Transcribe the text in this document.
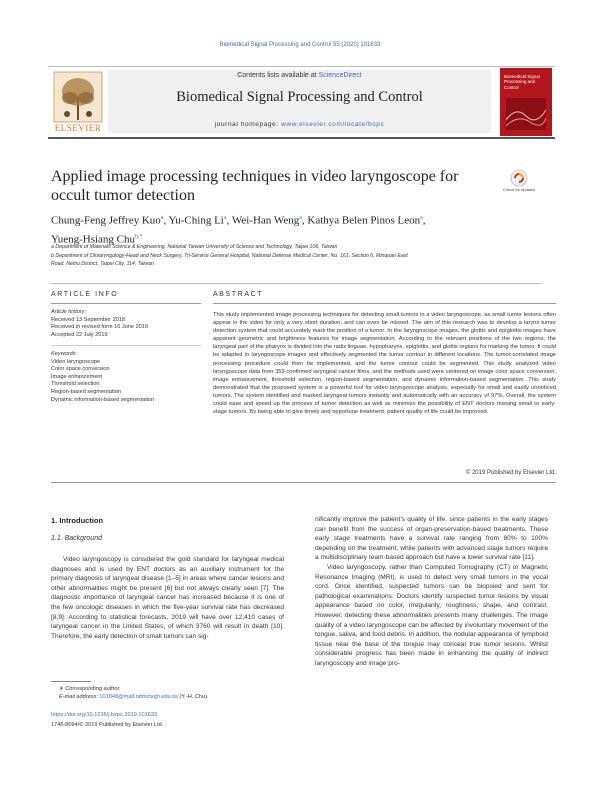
Biomedical Signal Processing and Control 55 (2020) 101633
ELSEVIER
Contents lists available at ScienceDirect
Biomedical Signal Processing and Control
journal homepage: www.elsevier.com/locate/bspc
Biomedical Signal Processing and Control
Applied image processing techniques in video laryngoscope for occult tumor detection	Check for updates
Chung-Feng Jeffrey Kuo$^a$, Yu-Ching Li$^a$, Wei-Han Weng$^a$, Kathya Belen Pinos Leon$^a$,
Yueng-Hsiang Chu$^{b,*}$
a Department of Materials Science & Engineering, National Taiwan University of Science and Technology, Taipei 106, Taiwan
b Department of Otolaryngology-Head and Neck Surgery, Tri-Service General Hospital, National Defense Medical Center, No. 161, Section 6, Minquan East
Road, Neihu District, Taipei City, 114, Taiwan
ARTICLE INFO	ABSTRACT
Article history:
Received 13 September 2018
Received in revised form 16 June 2019
Accepted 22 July 2019
Keywords:
Video laryngoscope
Color space conversion
Image enhancement
Threshold selection
Region-based segmentation
Dynamic information-based segmentation
This study implemented image processing techniques for detecting small tumors in a video laryngoscope, as small tumor lesions often appear in the video for only a very short duration, and can even be missed. The aim of this research was to develop a larynx tumor detection system that could accurately mark the position of a tumor. In the laryngoscope images, the glottis and epiglottis images have apparent geometric and brightness features for image segmentation. According to the relevant positions of the two regions, the laryngeal part of the pharynx is divided into the radix linguae, hypopharynx, epiglottis, and glottis regions for marking the tumor. It could be adapted in laryngoscope images and effectively segmented the tumor contour in different locations. The tumor-correlated image processing procedure could then be implemented, and the tumor contour could be segmented. This study analyzed video laryngoscope data from 359 confirmed laryngeal cancer films, and the methods used were centered on image color space conversion, image enhancement, threshold selection, region-based segmentation, and dynamic information-based segmentation. This study demonstrated that the proposed system is a powerful tool for video laryngoscope analysis, especially for small and easily unnoticed tumors. The system identified and marked laryngeal tumors instantly and automatically with an accuracy of 97%. Overall, the system could ease and speed up the process of tumor detection as well as minimize the possibility of ENT doctors missing small or early-stage tumors. By being able to give timely and opportune treatment, patient quality of life could be improved.
© 2019 Published by Elsevier Ltd.
1. Introduction
1.1. Background
Video laryngoscopy is considered the gold standard for laryngeal medical diagnoses and is used by ENT doctors as an auxiliary instrument for the primary diagnosis of laryngeal disease [1–5] in areas where cancer lesions and other abnormalities might be present [6] but not always clearly seen [7]. The diagnostic importance of laryngeal cancer has increased because it is one of the few oncologic diseases in which the five-year survival rate has decreased [8,9]. According to statistical forecasts, 2019 will have over 12,410 cases of laryngeal cancer in the United States, of which 3760 will result in death [10]. Therefore, the early detection of small tumors can sig-
nificantly improve the patient's quality of life, since patients in the early stages can benefit from the success of organ-preservation-based treatments. These early stage treatments have a survival rate ranging from 80% to 100% depending on the treatment, while patients with advanced stage tumors require a multidisciplinary team-based approach but have a lower survival rate [11].
Video laryngoscopy, rather than Computed Tomography (CT) or Magnetic Resonance Imaging (MRI), is used to detect very small tumors in the vocal cord. Once identified, suspected tumors can be biopsied and sent for pathological examinations. Doctors identify suspected tumor lesions by visual appearance based on color, irregularity, roughness, shape, and contrast. However, detecting these abnormalities presents many challenges. The image quality of a video laryngoscope can be affected by involuntary movement of the tongue, saliva, and food debris. In addition, the nodular appearance of lymphoid tissue near the base of the tongue may conceal true tumor lesions. Whilst considerable progress has been made in enhancing the quality of indirect laryngoscopy and image pro-
∗ Corresponding author.
E-mail address: 101048@mail.ndmctsgh.edu.tw (Y.-H. Chu).
https://doi.org/10.1016/j.bspc.2019.101633
1746-8094/© 2019 Published by Elsevier Ltd.
